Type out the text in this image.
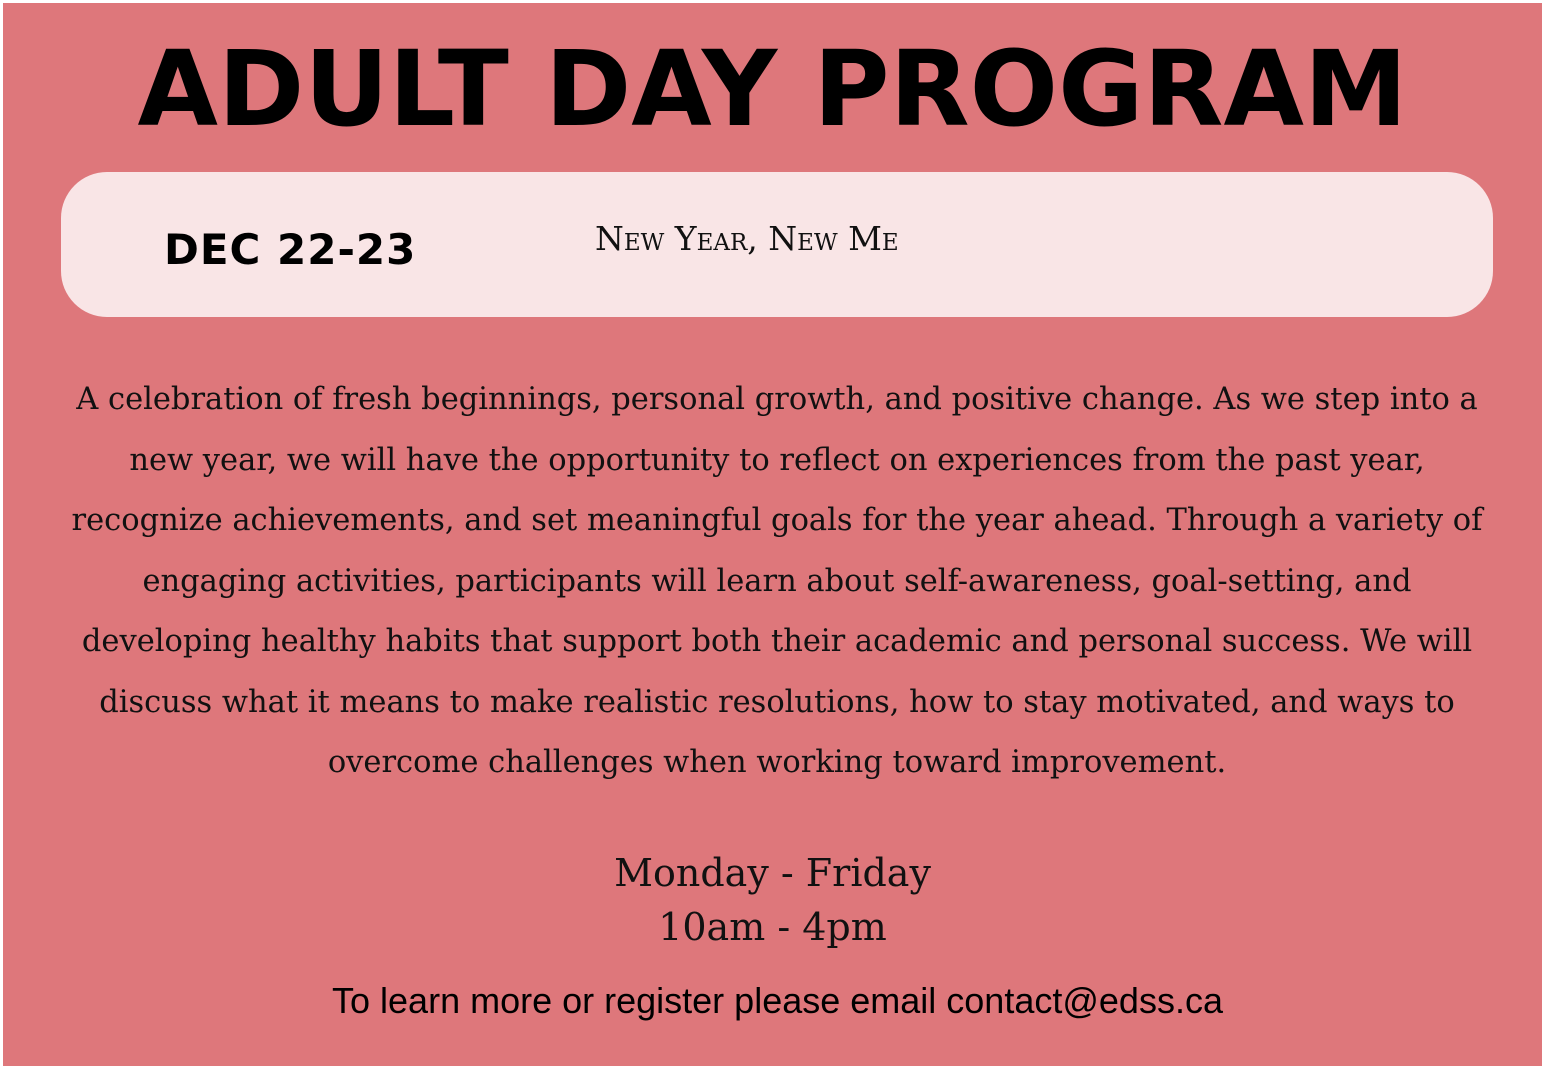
ADULT DAY PROGRAM
DEC 22-23	New Year, New Me

A celebration of fresh beginnings, personal growth, and positive change. As we step into a new year, we will have the opportunity to reflect on experiences from the past year, recognize achievements, and set meaningful goals for the year ahead. Through a variety of engaging activities, participants will learn about self-awareness, goal-setting, and developing healthy habits that support both their academic and personal success. We will discuss what it means to make realistic resolutions, how to stay motivated, and ways to overcome challenges when working toward improvement.

Monday - Friday
10am - 4pm
To learn more or register please email contact@edss.ca
